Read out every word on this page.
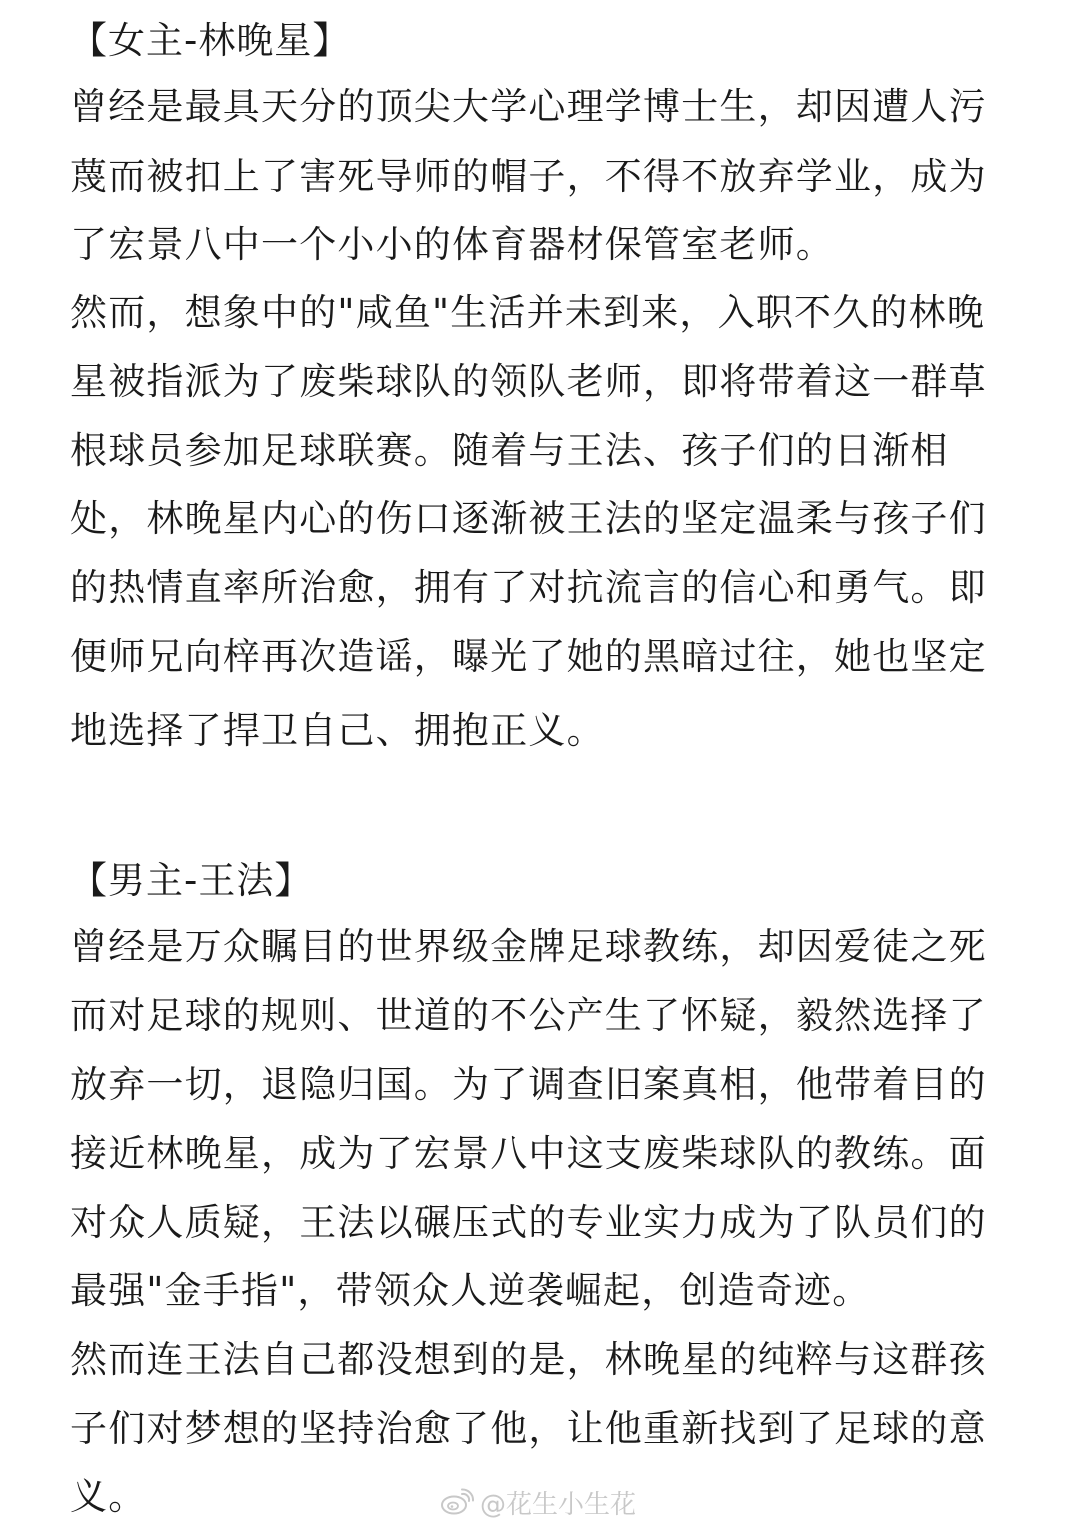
【女主-林晚星】
曾经是最具天分的顶尖大学心理学博士生，却因遭人污
蔑而被扣上了害死导师的帽子，不得不放弃学业，成为
了宏景八中一个小小的体育器材保管室老师。
然而，想象中的"咸鱼"生活并未到来，入职不久的林晚
星被指派为了废柴球队的领队老师，即将带着这一群草
根球员参加足球联赛。随着与王法、孩子们的日渐相
处，林晚星内心的伤口逐渐被王法的坚定温柔与孩子们
的热情直率所治愈，拥有了对抗流言的信心和勇气。即
便师兄向梓再次造谣，曝光了她的黑暗过往，她也坚定
地选择了捍卫自己、拥抱正义。
【男主-王法】
曾经是万众瞩目的世界级金牌足球教练，却因爱徒之死
而对足球的规则、世道的不公产生了怀疑，毅然选择了
放弃一切，退隐归国。为了调查旧案真相，他带着目的
接近林晚星，成为了宏景八中这支废柴球队的教练。面
对众人质疑，王法以碾压式的专业实力成为了队员们的
最强"金手指"，带领众人逆袭崛起，创造奇迹。
然而连王法自己都没想到的是，林晚星的纯粹与这群孩
子们对梦想的坚持治愈了他，让他重新找到了足球的意
义。	@花生小生花
